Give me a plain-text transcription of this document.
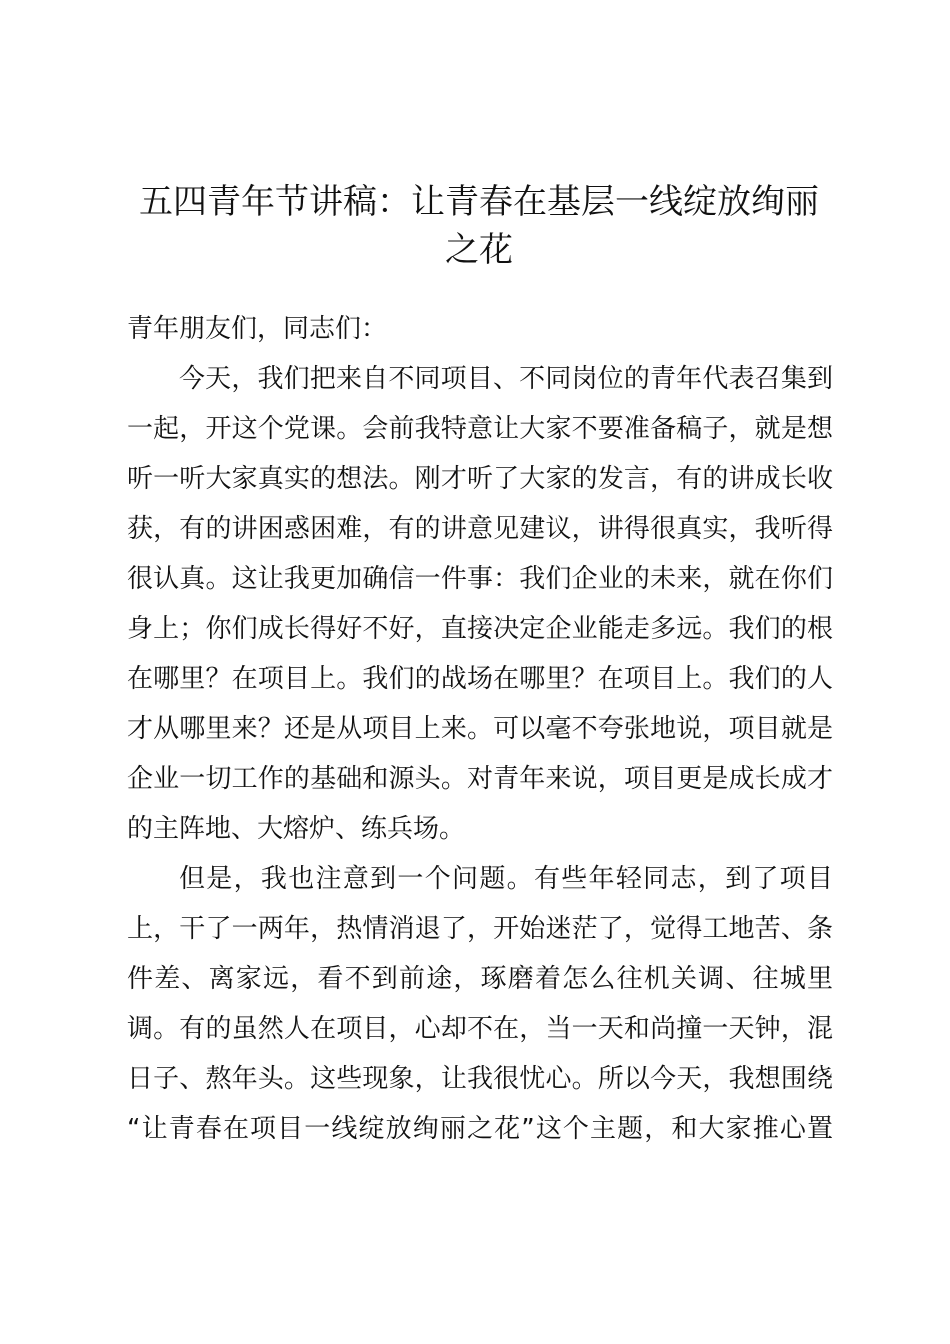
五四青年节讲稿：让青春在基层一线绽放绚丽
之花
青年朋友们，同志们：
今天，我们把来自不同项目、不同岗位的青年代表召集到
一起，开这个党课。会前我特意让大家不要准备稿子，就是想
听一听大家真实的想法。刚才听了大家的发言，有的讲成长收
获，有的讲困惑困难，有的讲意见建议，讲得很真实，我听得
很认真。这让我更加确信一件事：我们企业的未来，就在你们
身上；你们成长得好不好，直接决定企业能走多远。我们的根
在哪里？在项目上。我们的战场在哪里？在项目上。我们的人
才从哪里来？还是从项目上来。可以毫不夸张地说，项目就是
企业一切工作的基础和源头。对青年来说，项目更是成长成才
的主阵地、大熔炉、练兵场。
但是，我也注意到一个问题。有些年轻同志，到了项目
上，干了一两年，热情消退了，开始迷茫了，觉得工地苦、条
件差、离家远，看不到前途，琢磨着怎么往机关调、往城里
调。有的虽然人在项目，心却不在，当一天和尚撞一天钟，混
日子、熬年头。这些现象，让我很忧心。所以今天，我想围绕
“让青春在项目一线绽放绚丽之花”这个主题，和大家推心置
